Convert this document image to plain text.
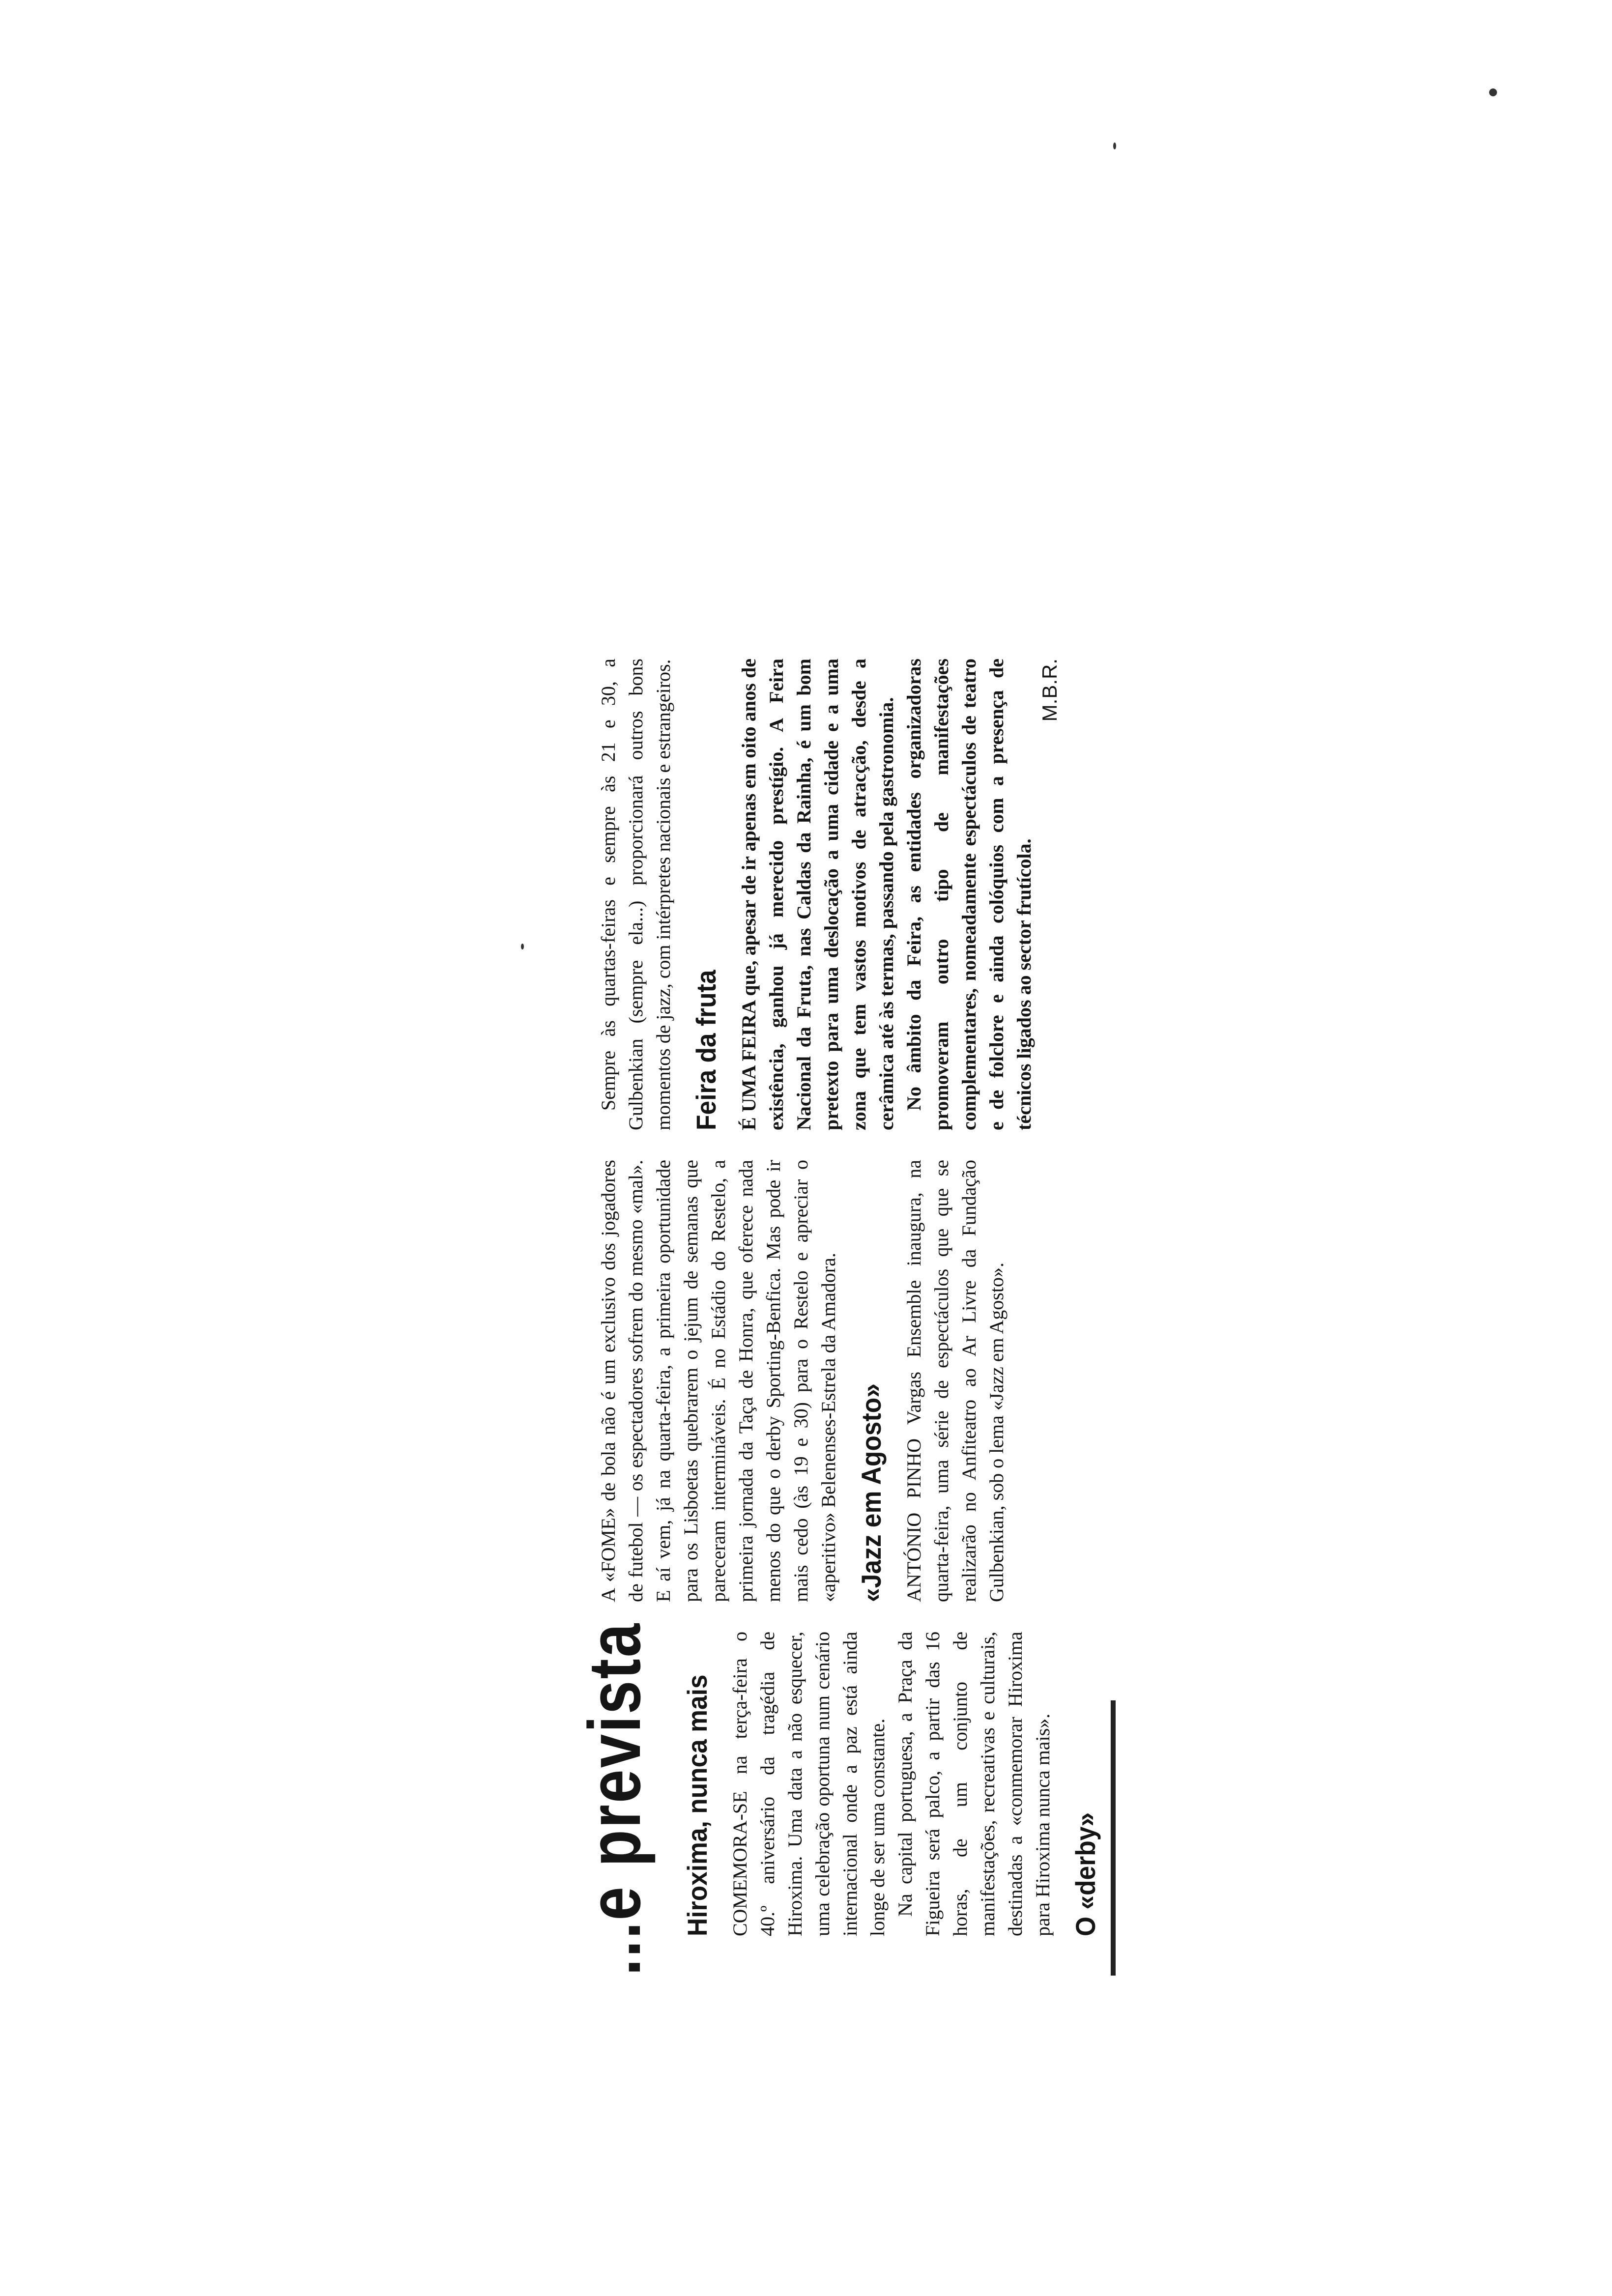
...e prevista Hiroxima, nunca mais COMEMORA-SE na terça-feira o 40.º aniversário da tragédia de Hiroxima. Uma data a não esquecer, uma celebração oportuna num cenário internacional onde a paz está ainda longe de ser uma constante. Na capital portuguesa, a Praça da Figueira será palco, a partir das 16 horas, de um conjunto de manifestações, recreativas e culturais, destinadas a «conmemorar Hiroxima para Hiroxima nunca mais». O «derby»

A «FOME» de bola não é um exclusivo dos jogadores de futebol — os espectadores sofrem do mesmo «mal». E aí vem, já na quarta-feira, a primeira oportunidade para os Lisboetas quebrarem o jejum de semanas que pareceram intermináveis. É no Estádio do Restelo, a primeira jornada da Taça de Honra, que oferece nada menos do que o derby Sporting-Benfica. Mas pode ir mais cedo (às 19 e 30) para o Restelo e apreciar o «aperitivo» Belenenses-Estrela da Amadora. «Jazz em Agosto» ANTÓNIO PINHO Vargas Ensemble inaugura, na quarta-feira, uma série de espectáculos que que se realizarão no Anfiteatro ao Ar Livre da Fundação Gulbenkian, sob o lema «Jazz em Agosto».

Sempre às quartas-feiras e sempre às 21 e 30, a Gulbenkian (sempre ela...) proporcionará outros bons momentos de jazz, com intérpretes nacionais e estrangeiros. Feira da fruta É UMA FEIRA que, apesar de ir apenas em oito anos de existência, ganhou já merecido prestígio. A Feira Nacional da Fruta, nas Caldas da Rainha, é um bom pretexto para uma deslocação a uma cidade e a uma zona que tem vastos motivos de atracção, desde a cerâmica até às termas, passando pela gastronomia. No âmbito da Feira, as entidades organizadoras promoveram outro tipo de manifestações complementares, nomeadamente espectáculos de teatro e de folclore e ainda colóquios com a presença de técnicos ligados ao sector frutícola.

M.B.R.
